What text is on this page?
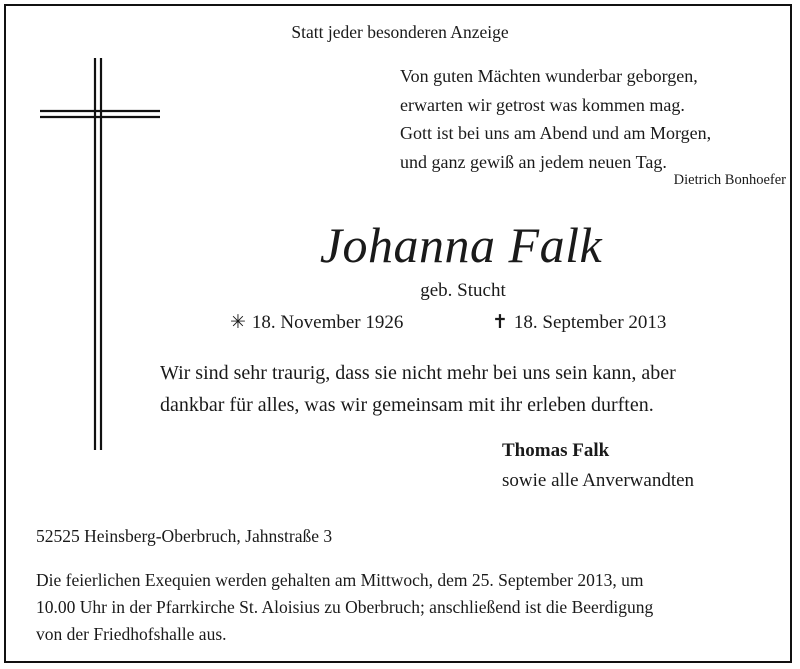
Statt jeder besonderen Anzeige
Von guten Mächten wunderbar geborgen,
erwarten wir getrost was kommen mag.
Gott ist bei uns am Abend und am Morgen,
und ganz gewiß an jedem neuen Tag.
Dietrich Bonhoefer
Johanna Falk
geb. Stucht
✳ 18. November 1926	✝ 18. September 2013
Wir sind sehr traurig, dass sie nicht mehr bei uns sein kann, aber
dankbar für alles, was wir gemeinsam mit ihr erleben durften.
Thomas Falk
sowie alle Anverwandten
52525 Heinsberg-Oberbruch, Jahnstraße 3
Die feierlichen Exequien werden gehalten am Mittwoch, dem 25. September 2013, um
10.00 Uhr in der Pfarrkirche St. Aloisius zu Oberbruch; anschließend ist die Beerdigung
von der Friedhofshalle aus.
